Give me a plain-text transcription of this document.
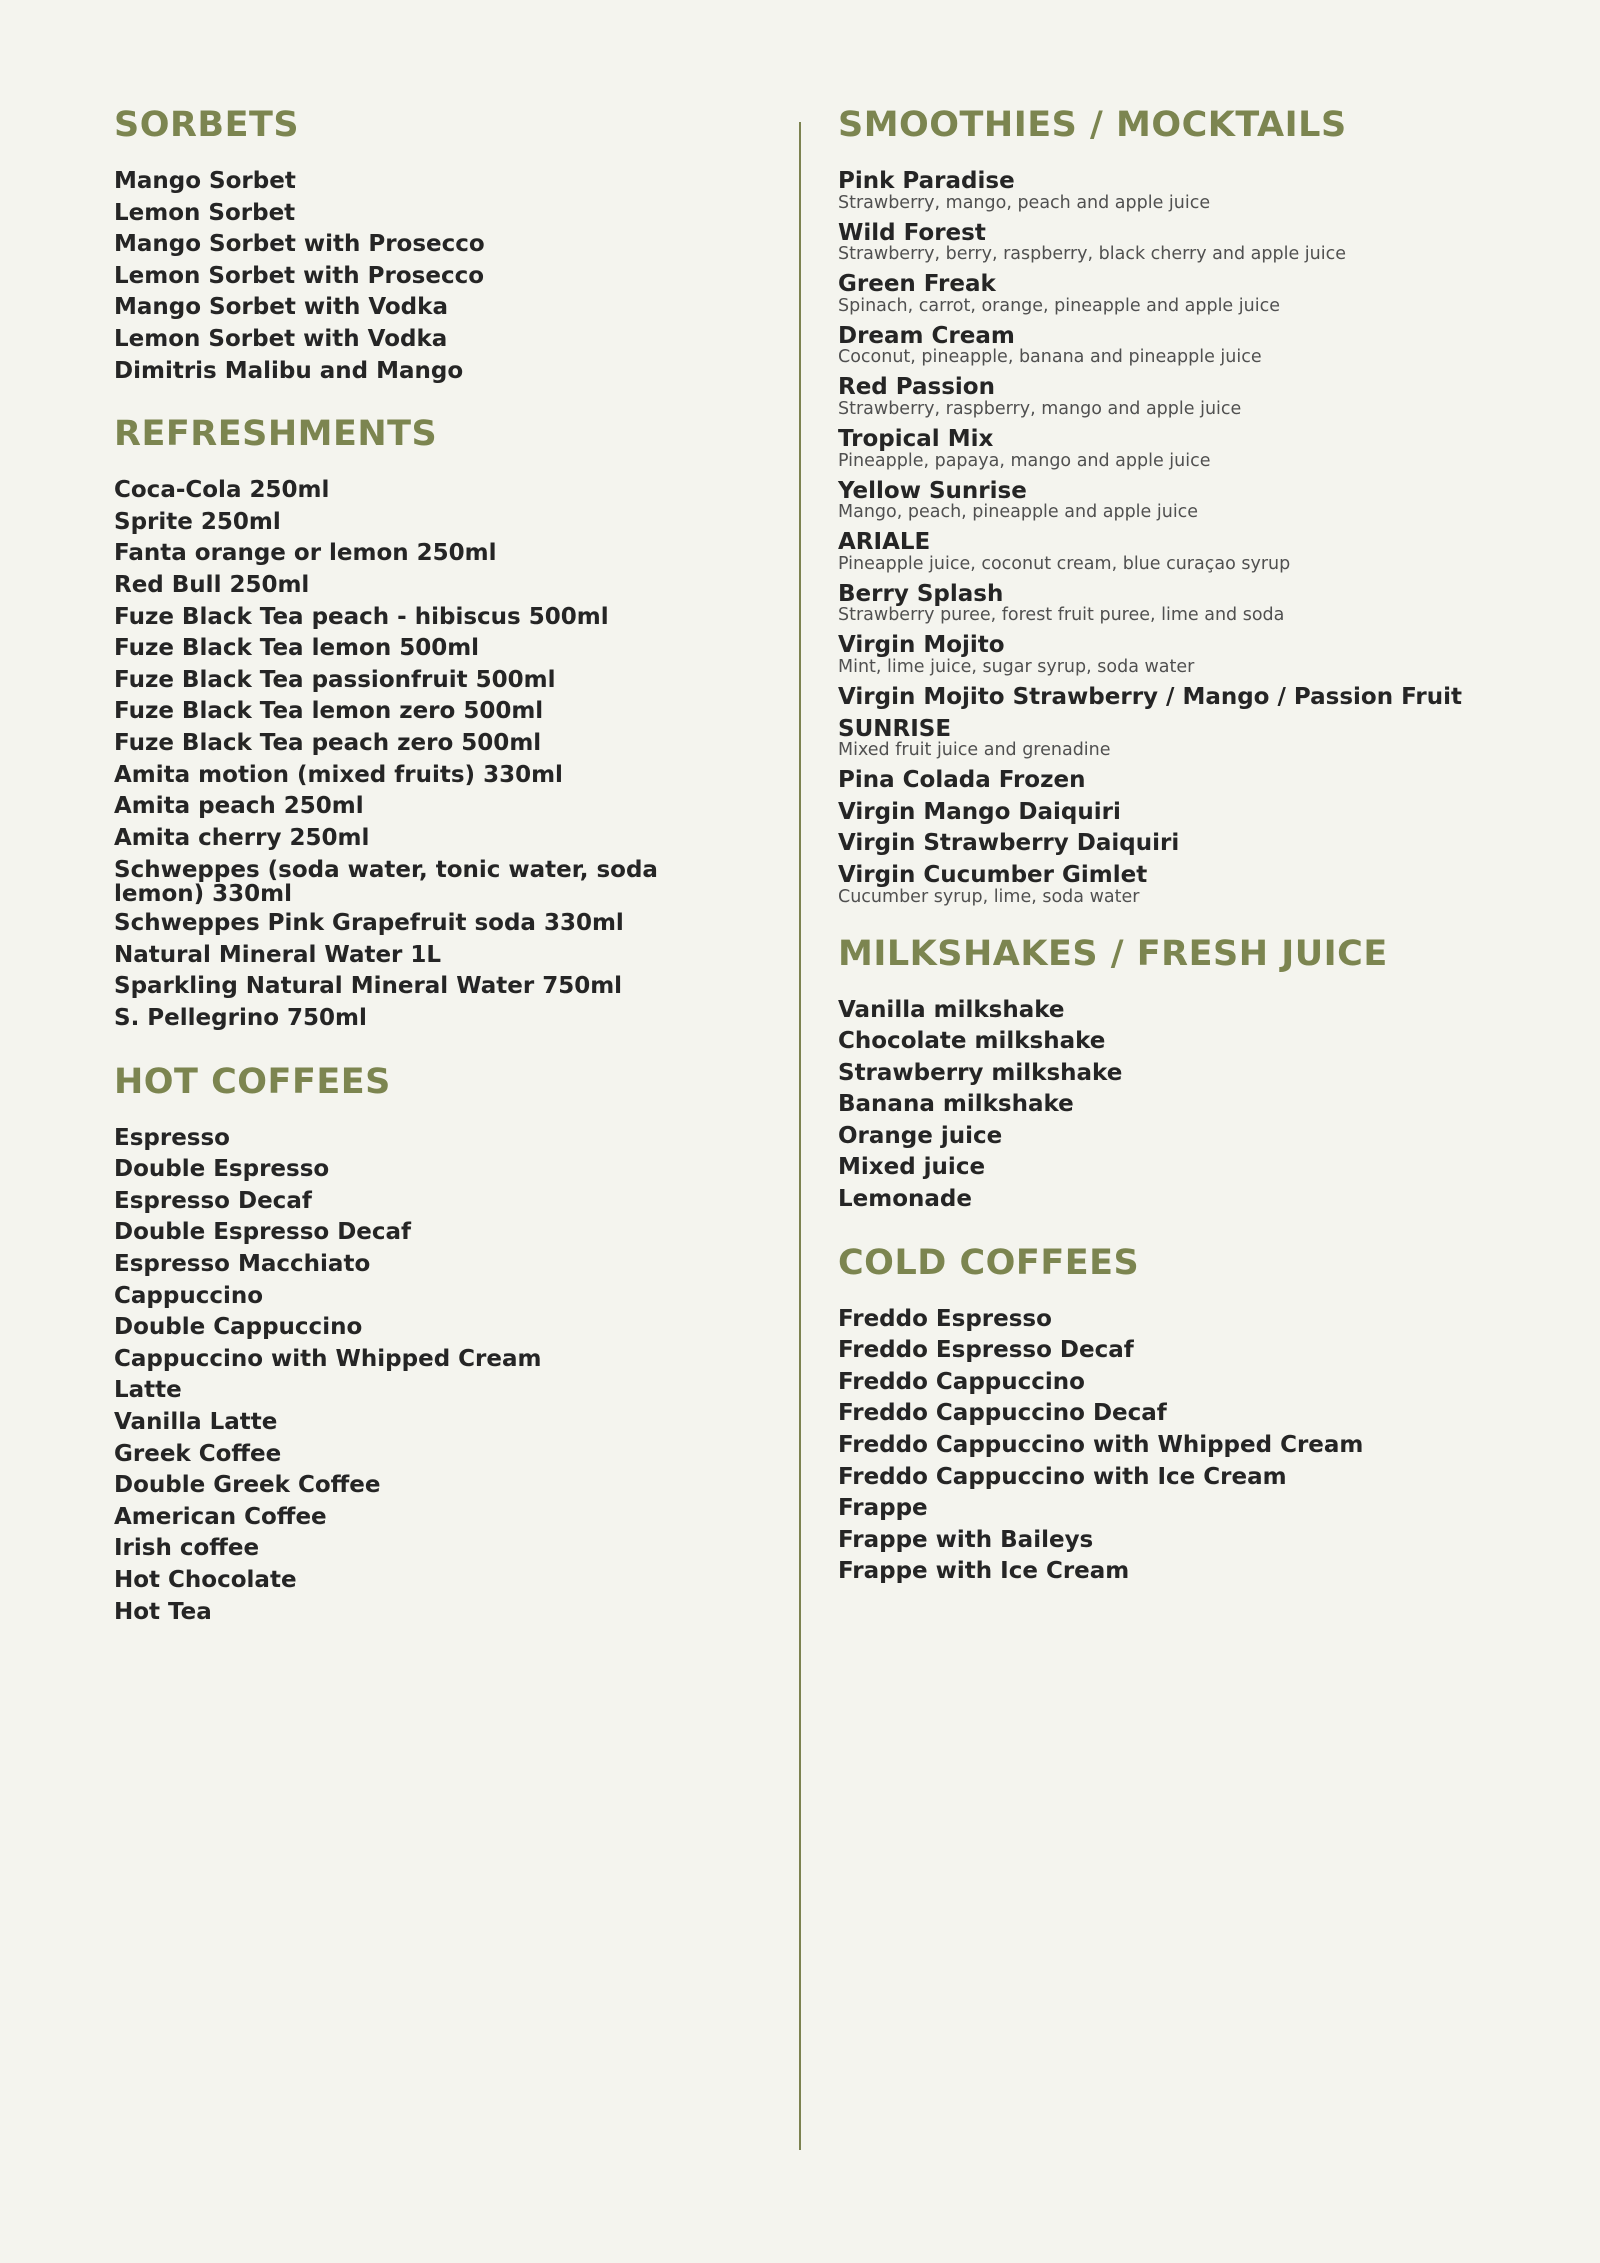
SORBETS
Mango Sorbet
Lemon Sorbet
Mango Sorbet with Prosecco
Lemon Sorbet with Prosecco
Mango Sorbet with Vodka
Lemon Sorbet with Vodka
Dimitris Malibu and Mango
REFRESHMENTS
Coca-Cola 250ml
Sprite 250ml
Fanta orange or lemon 250ml
Red Bull 250ml
Fuze Black Tea peach - hibiscus 500ml
Fuze Black Tea lemon 500ml
Fuze Black Tea passionfruit 500ml
Fuze Black Tea lemon zero 500ml
Fuze Black Tea peach zero 500ml
Amita motion (mixed fruits) 330ml
Amita peach 250ml
Amita cherry 250ml
Schweppes (soda water, tonic water, soda lemon) 330ml
Schweppes Pink Grapefruit soda 330ml
Natural Mineral Water 1L
Sparkling Natural Mineral Water 750ml
S. Pellegrino 750ml
HOT COFFEES
Espresso
Double Espresso
Espresso Decaf
Double Espresso Decaf
Espresso Macchiato
Cappuccino
Double Cappuccino
Cappuccino with Whipped Cream
Latte
Vanilla Latte
Greek Coffee
Double Greek Coffee
American Coffee
Irish coffee
Hot Chocolate
Hot Tea
SMOOTHIES / MOCKTAILS
Pink Paradise
Strawberry, mango, peach and apple juice
Wild Forest
Strawberry, berry, raspberry, black cherry and apple juice
Green Freak
Spinach, carrot, orange, pineapple and apple juice
Dream Cream
Coconut, pineapple, banana and pineapple juice
Red Passion
Strawberry, raspberry, mango and apple juice
Tropical Mix
Pineapple, papaya, mango and apple juice
Yellow Sunrise
Mango, peach, pineapple and apple juice
ARIALE
Pineapple juice, coconut cream, blue curaçao syrup
Berry Splash
Strawberry puree, forest fruit puree, lime and soda
Virgin Mojito
Mint, lime juice, sugar syrup, soda water
Virgin Mojito Strawberry / Mango / Passion Fruit
SUNRISE
Mixed fruit juice and grenadine
Pina Colada Frozen
Virgin Mango Daiquiri
Virgin Strawberry Daiquiri
Virgin Cucumber Gimlet
Cucumber syrup, lime, soda water
MILKSHAKES / FRESH JUICE
Vanilla milkshake
Chocolate milkshake
Strawberry milkshake
Banana milkshake
Orange juice
Mixed juice
Lemonade
COLD COFFEES
Freddo Espresso
Freddo Espresso Decaf
Freddo Cappuccino
Freddo Cappuccino Decaf
Freddo Cappuccino with Whipped Cream
Freddo Cappuccino with Ice Cream
Frappe
Frappe with Baileys
Frappe with Ice Cream
